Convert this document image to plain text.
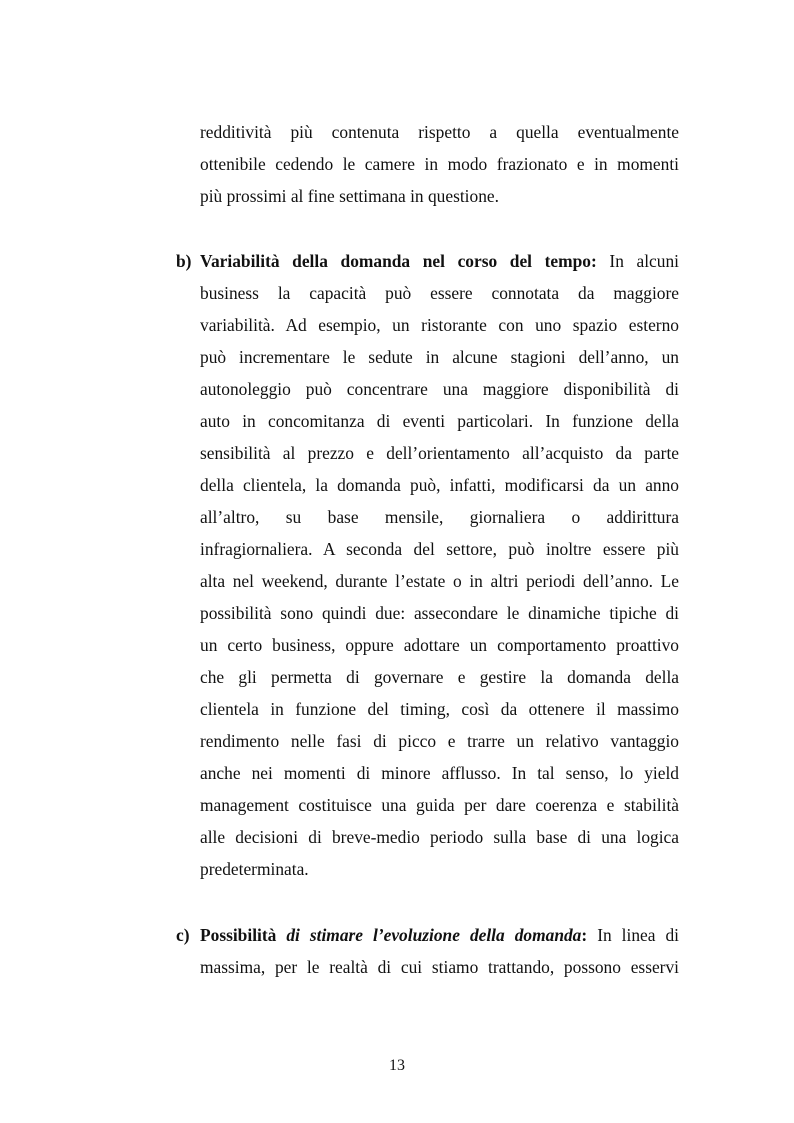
redditività più contenuta rispetto a quella eventualmente
ottenibile cedendo le camere in modo frazionato e in momenti
più prossimi al fine settimana in questione.
b) Variabilità della domanda nel corso del tempo: In alcuni
business la capacità può essere connotata da maggiore
variabilità. Ad esempio, un ristorante con uno spazio esterno
può incrementare le sedute in alcune stagioni dell’anno, un
autonoleggio può concentrare una maggiore disponibilità di
auto in concomitanza di eventi particolari. In funzione della
sensibilità al prezzo e dell’orientamento all’acquisto da parte
della clientela, la domanda può, infatti, modificarsi da un anno
all’altro, su base mensile, giornaliera o addirittura
infragiornaliera. A seconda del settore, può inoltre essere più
alta nel weekend, durante l’estate o in altri periodi dell’anno. Le
possibilità sono quindi due: assecondare le dinamiche tipiche di
un certo business, oppure adottare un comportamento proattivo
che gli permetta di governare e gestire la domanda della
clientela in funzione del timing, così da ottenere il massimo
rendimento nelle fasi di picco e trarre un relativo vantaggio
anche nei momenti di minore afflusso. In tal senso, lo yield
management costituisce una guida per dare coerenza e stabilità
alle decisioni di breve-medio periodo sulla base di una logica
predeterminata.
c) Possibilità di stimare l’evoluzione della domanda: In linea di
massima, per le realtà di cui stiamo trattando, possono esservi
13
